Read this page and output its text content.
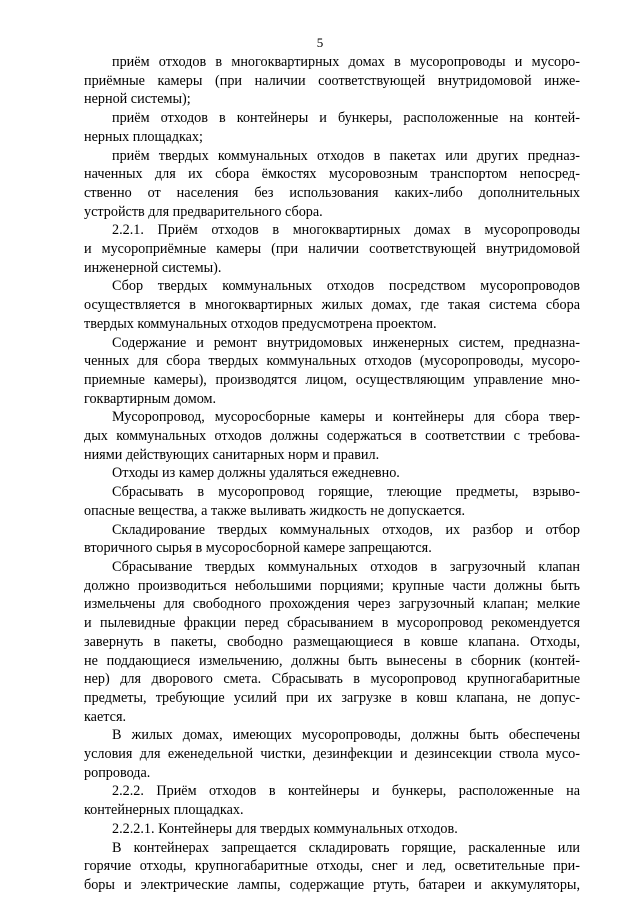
5

приём отходов в многоквартирных домах в мусоропроводы и мусоро-
приёмные камеры (при наличии соответствующей внутридомовой инже-
нерной системы);

приём отходов в контейнеры и бункеры, расположенные на контей-
нерных площадках;

приём твердых коммунальных отходов в пакетах или других предназ-
наченных для их сбора ёмкостях мусоровозным транспортом непосред-
ственно от населения без использования каких-либо дополнительных
устройств для предварительного сбора.

2.2.1. Приём отходов в многоквартирных домах в мусоропроводы
и мусороприёмные камеры (при наличии соответствующей внутридомовой
инженерной системы).

Сбор твердых коммунальных отходов посредством мусоропроводов
осуществляется в многоквартирных жилых домах, где такая система сбора
твердых коммунальных отходов предусмотрена проектом.

Содержание и ремонт внутридомовых инженерных систем, предназна-
ченных для сбора твердых коммунальных отходов (мусоропроводы, мусоро-
приемные камеры), производятся лицом, осуществляющим управление мно-
гоквартирным домом.

Мусоропровод, мусоросборные камеры и контейнеры для сбора твер-
дых коммунальных отходов должны содержаться в соответствии с требова-
ниями действующих санитарных норм и правил.

Отходы из камер должны удаляться ежедневно.

Сбрасывать в мусоропровод горящие, тлеющие предметы, взрыво-
опасные вещества, а также выливать жидкость не допускается.

Складирование твердых коммунальных отходов, их разбор и отбор
вторичного сырья в мусоросборной камере запрещаются.

Сбрасывание твердых коммунальных отходов в загрузочный клапан
должно производиться небольшими порциями; крупные части должны быть
измельчены для свободного прохождения через загрузочный клапан; мелкие
и пылевидные фракции перед сбрасыванием в мусоропровод рекомендуется
завернуть в пакеты, свободно размещающиеся в ковше клапана. Отходы,
не поддающиеся измельчению, должны быть вынесены в сборник (контей-
нер) для дворового смета. Сбрасывать в мусоропровод крупногабаритные
предметы, требующие усилий при их загрузке в ковш клапана, не допус-
кается.

В жилых домах, имеющих мусоропроводы, должны быть обеспечены
условия для еженедельной чистки, дезинфекции и дезинсекции ствола мусо-
ропровода.

2.2.2. Приём отходов в контейнеры и бункеры, расположенные на
контейнерных площадках.

2.2.2.1. Контейнеры для твердых коммунальных отходов.

В контейнерах запрещается складировать горящие, раскаленные или
горячие отходы, крупногабаритные отходы, снег и лед, осветительные при-
боры и электрические лампы, содержащие ртуть, батареи и аккумуляторы,
